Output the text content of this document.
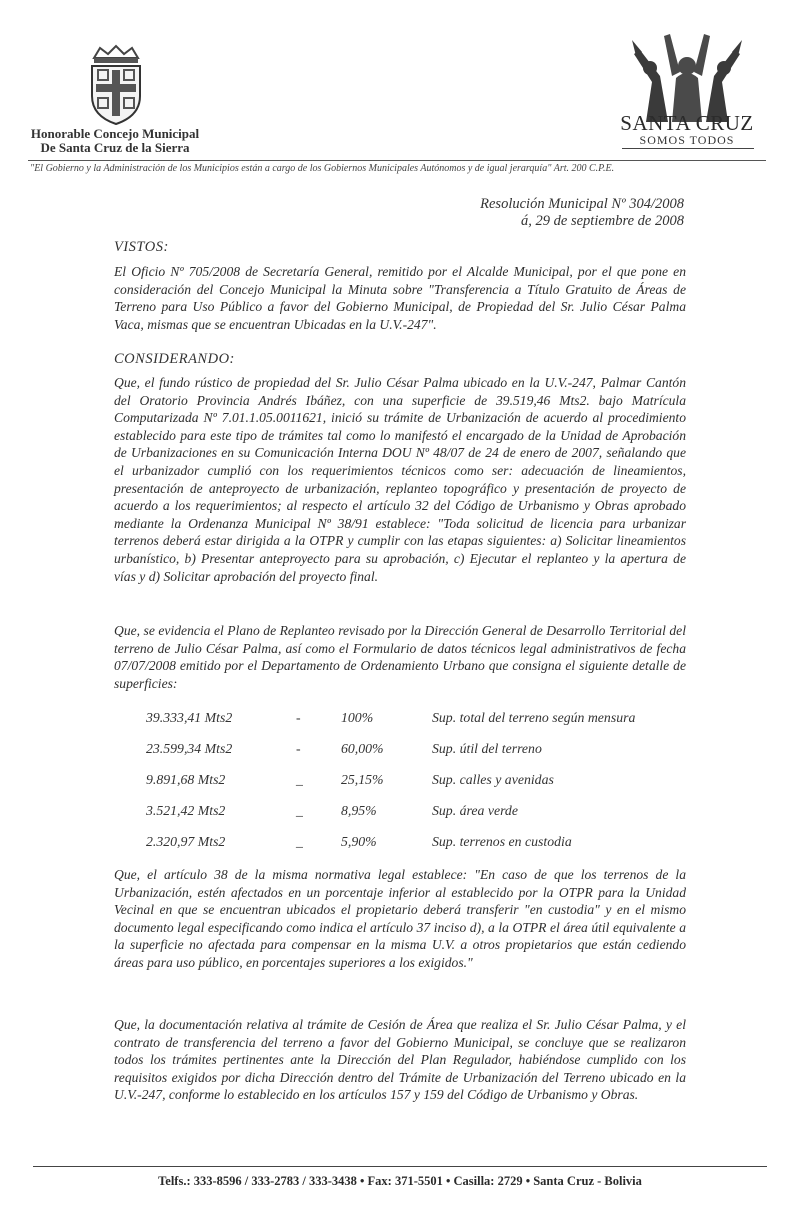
Honorable Concejo Municipal
De Santa Cruz de la Sierra
SANTA CRUZ
SOMOS TODOS
"El Gobierno y la Administración de los Municipios están a cargo de los Gobiernos Municipales Autónomos y de igual jerarquía" Art. 200 C.P.E.
Resolución Municipal Nº 304/2008
á, 29 de septiembre de 2008
VISTOS:
El Oficio Nº 705/2008 de Secretaría General, remitido por el Alcalde Municipal, por el que pone en consideración del Concejo Municipal la Minuta sobre "Transferencia a Título Gratuito de Áreas de Terreno para Uso Público a favor del Gobierno Municipal, de Propiedad del Sr. Julio César Palma Vaca, mismas que se encuentran Ubicadas en la U.V.-247".
CONSIDERANDO:
Que, el fundo rústico de propiedad del Sr. Julio César Palma ubicado en la U.V.-247, Palmar Cantón del Oratorio Provincia Andrés Ibáñez, con una superficie de 39.519,46 Mts2. bajo Matrícula Computarizada Nº 7.01.1.05.0011621, inició su trámite de Urbanización de acuerdo al procedimiento establecido para este tipo de trámites tal como lo manifestó el encargado de la Unidad de Aprobación de Urbanizaciones en su Comunicación Interna DOU Nº 48/07 de 24 de enero de 2007, señalando que el urbanizador cumplió con los requerimientos técnicos como ser: adecuación de lineamientos, presentación de anteproyecto de urbanización, replanteo topográfico y presentación de proyecto de acuerdo a los requerimientos; al respecto el artículo 32 del Código de Urbanismo y Obras aprobado mediante la Ordenanza Municipal Nº 38/91 establece: "Toda solicitud de licencia para urbanizar terrenos deberá estar dirigida a la OTPR y cumplir con las etapas siguientes: a) Solicitar lineamientos urbanístico, b) Presentar anteproyecto para su aprobación, c) Ejecutar el replanteo y la apertura de vías y d) Solicitar aprobación del proyecto final.
Que, se evidencia el Plano de Replanteo revisado por la Dirección General de Desarrollo Territorial del terreno de Julio César Palma, así como el Formulario de datos técnicos legal administrativos de fecha 07/07/2008 emitido por el Departamento de Ordenamiento Urbano que consigna el siguiente detalle de superficies:
39.333,41 Mts2	-	100%	Sup. total del terreno según mensura
23.599,34 Mts2	-	60,00%	Sup. útil del terreno
9.891,68 Mts2	_	25,15%	Sup. calles y avenidas
3.521,42 Mts2	_	8,95%	Sup. área verde
2.320,97 Mts2	_	5,90%	Sup. terrenos en custodia
Que, el artículo 38 de la misma normativa legal establece: "En caso de que los terrenos de la Urbanización, estén afectados en un porcentaje inferior al establecido por la OTPR para la Unidad Vecinal en que se encuentran ubicados el propietario deberá transferir "en custodia" y en el mismo documento legal especificando como indica el artículo 37 inciso d), a la OTPR el área útil equivalente a la superficie no afectada para compensar en la misma U.V. a otros propietarios que están cediendo áreas para uso público, en porcentajes superiores a los exigidos."
Que, la documentación relativa al trámite de Cesión de Área que realiza el Sr. Julio César Palma, y el contrato de transferencia del terreno a favor del Gobierno Municipal, se concluye que se realizaron todos los trámites pertinentes ante la Dirección del Plan Regulador, habiéndose cumplido con los requisitos exigidos por dicha Dirección dentro del Trámite de Urbanización del Terreno ubicado en la U.V.-247, conforme lo establecido en los artículos 157 y 159 del Código de Urbanismo y Obras.
Telfs.: 333-8596 / 333-2783 / 333-3438 • Fax: 371-5501 • Casilla: 2729 • Santa Cruz - Bolivia
